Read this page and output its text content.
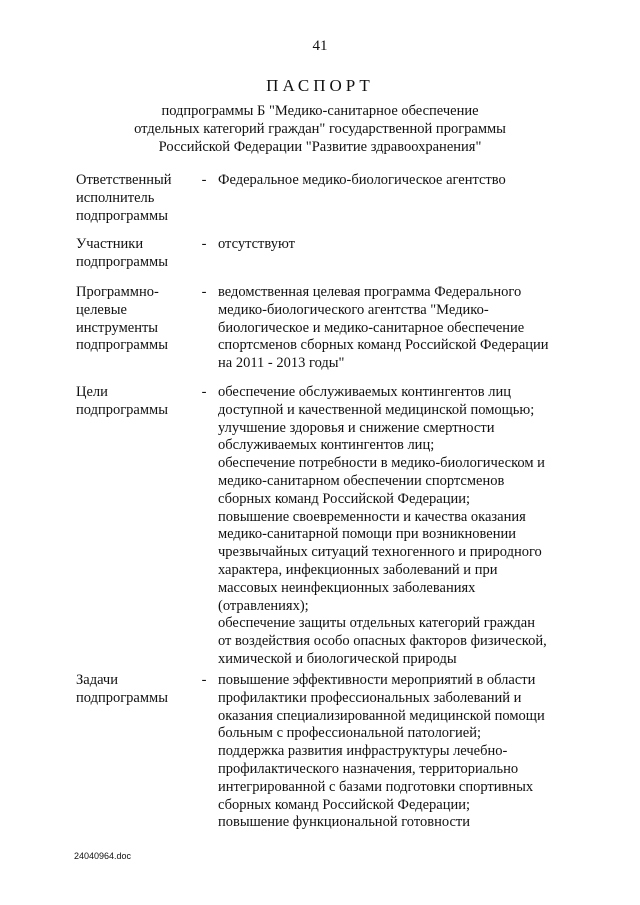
41
ПАСПОРТ
подпрограммы Б "Медико-санитарное обеспечение
отдельных категорий граждан" государственной программы
Российской Федерации "Развитие здравоохранения"
Ответственный
исполнитель
подпрограммы
- Федеральное медико-биологическое агентство
Участники
подпрограммы
- отсутствуют
Программно-
целевые
инструменты
подпрограммы
- ведомственная целевая программа Федерального
медико-биологического агентства "Медико-
биологическое и медико-санитарное обеспечение
спортсменов сборных команд Российской Федерации
на 2011 - 2013 годы"
Цели
подпрограммы
- обеспечение обслуживаемых контингентов лиц
доступной и качественной медицинской помощью;
улучшение здоровья и снижение смертности
обслуживаемых контингентов лиц;
обеспечение потребности в медико-биологическом и
медико-санитарном обеспечении спортсменов
сборных команд Российской Федерации;
повышение своевременности и качества оказания
медико-санитарной помощи при возникновении
чрезвычайных ситуаций техногенного и природного
характера, инфекционных заболеваний и при
массовых неинфекционных заболеваниях
(отравлениях);
обеспечение защиты отдельных категорий граждан
от воздействия особо опасных факторов физической,
химической и биологической природы
Задачи
подпрограммы
- повышение эффективности мероприятий в области
профилактики профессиональных заболеваний и
оказания специализированной медицинской помощи
больным с профессиональной патологией;
поддержка развития инфраструктуры лечебно-
профилактического назначения, территориально
интегрированной с базами подготовки спортивных
сборных команд Российской Федерации;
повышение функциональной готовности
24040964.doc
